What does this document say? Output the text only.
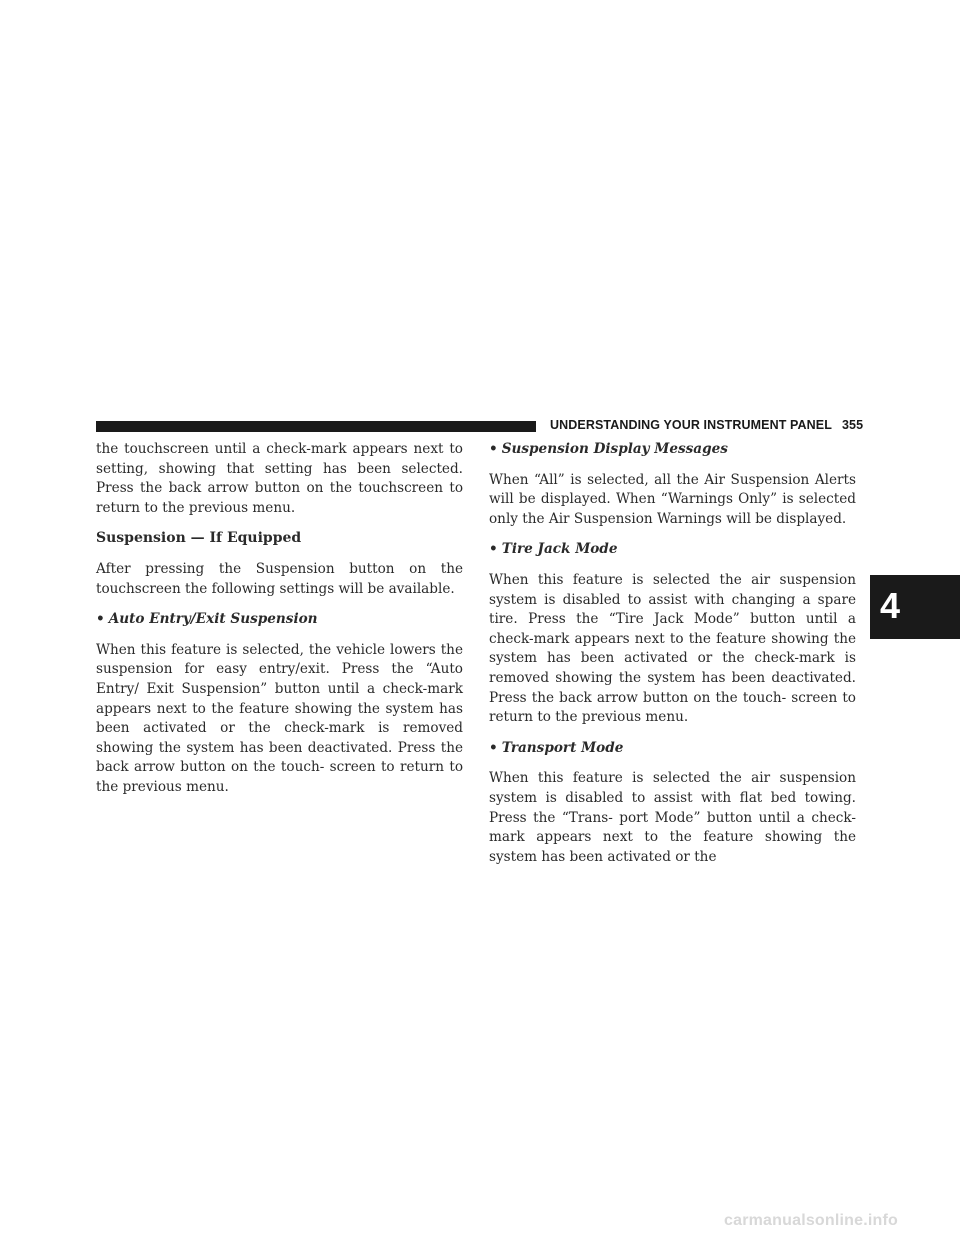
UNDERSTANDING YOUR INSTRUMENT PANEL 355
4

the touchscreen until a check-mark appears next to setting, showing that setting has been selected. Press the back arrow button on the touchscreen to return to the previous menu.

Suspension — If Equipped

After pressing the Suspension button on the touchscreen the following settings will be available.

• Auto Entry/Exit Suspension

When this feature is selected, the vehicle lowers the suspension for easy entry/exit. Press the “Auto Entry/ Exit Suspension” button until a check-mark appears next to the feature showing the system has been activated or the check-mark is removed showing the system has been deactivated. Press the back arrow button on the touch- screen to return to the previous menu.

• Suspension Display Messages

When “All” is selected, all the Air Suspension Alerts will be displayed. When “Warnings Only” is selected only the Air Suspension Warnings will be displayed.

• Tire Jack Mode

When this feature is selected the air suspension system is disabled to assist with changing a spare tire. Press the “Tire Jack Mode” button until a check-mark appears next to the feature showing the system has been activated or the check-mark is removed showing the system has been deactivated. Press the back arrow button on the touch- screen to return to the previous menu.

• Transport Mode

When this feature is selected the air suspension system is disabled to assist with flat bed towing. Press the “Trans- port Mode” button until a check-mark appears next to the feature showing the system has been activated or the

carmanualsonline.info
